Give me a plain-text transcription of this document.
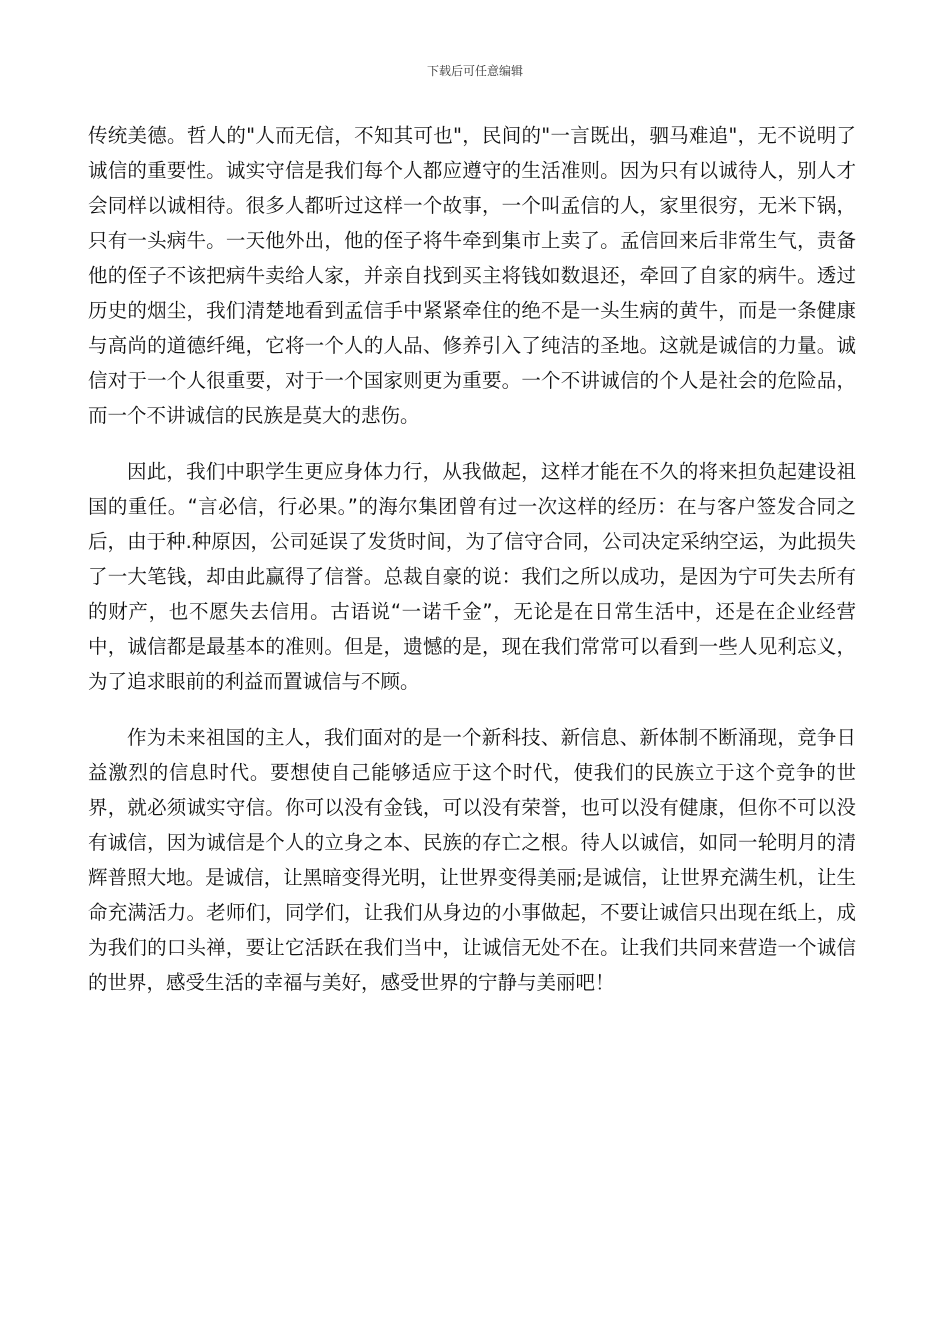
下载后可任意编辑

传统美德。哲人的"人而无信，不知其可也"，民间的"一言既出，驷马难追"，无不说明了诚信的重要性。诚实守信是我们每个人都应遵守的生活准则。因为只有以诚待人，别人才会同样以诚相待。很多人都听过这样一个故事，一个叫孟信的人，家里很穷，无米下锅，只有一头病牛。一天他外出，他的侄子将牛牵到集市上卖了。孟信回来后非常生气，责备他的侄子不该把病牛卖给人家，并亲自找到买主将钱如数退还，牵回了自家的病牛。透过历史的烟尘，我们清楚地看到孟信手中紧紧牵住的绝不是一头生病的黄牛，而是一条健康与高尚的道德纤绳，它将一个人的人品、修养引入了纯洁的圣地。这就是诚信的力量。诚信对于一个人很重要，对于一个国家则更为重要。一个不讲诚信的个人是社会的危险品，而一个不讲诚信的民族是莫大的悲伤。

因此，我们中职学生更应身体力行，从我做起，这样才能在不久的将来担负起建设祖国的重任。“言必信，行必果。”的海尔集团曾有过一次这样的经历：在与客户签发合同之后，由于种.种原因，公司延误了发货时间，为了信守合同，公司决定采纳空运，为此损失了一大笔钱，却由此赢得了信誉。总裁自豪的说：我们之所以成功，是因为宁可失去所有的财产，也不愿失去信用。古语说“一诺千金”，无论是在日常生活中，还是在企业经营中，诚信都是最基本的准则。但是，遗憾的是，现在我们常常可以看到一些人见利忘义，为了追求眼前的利益而置诚信与不顾。

作为未来祖国的主人，我们面对的是一个新科技、新信息、新体制不断涌现，竞争日益激烈的信息时代。要想使自己能够适应于这个时代，使我们的民族立于这个竞争的世界，就必须诚实守信。你可以没有金钱，可以没有荣誉，也可以没有健康，但你不可以没有诚信，因为诚信是个人的立身之本、民族的存亡之根。待人以诚信，如同一轮明月的清辉普照大地。是诚信，让黑暗变得光明，让世界变得美丽;是诚信，让世界充满生机，让生命充满活力。老师们，同学们，让我们从身边的小事做起，不要让诚信只出现在纸上，成为我们的口头禅，要让它活跃在我们当中，让诚信无处不在。让我们共同来营造一个诚信的世界，感受生活的幸福与美好，感受世界的宁静与美丽吧！
